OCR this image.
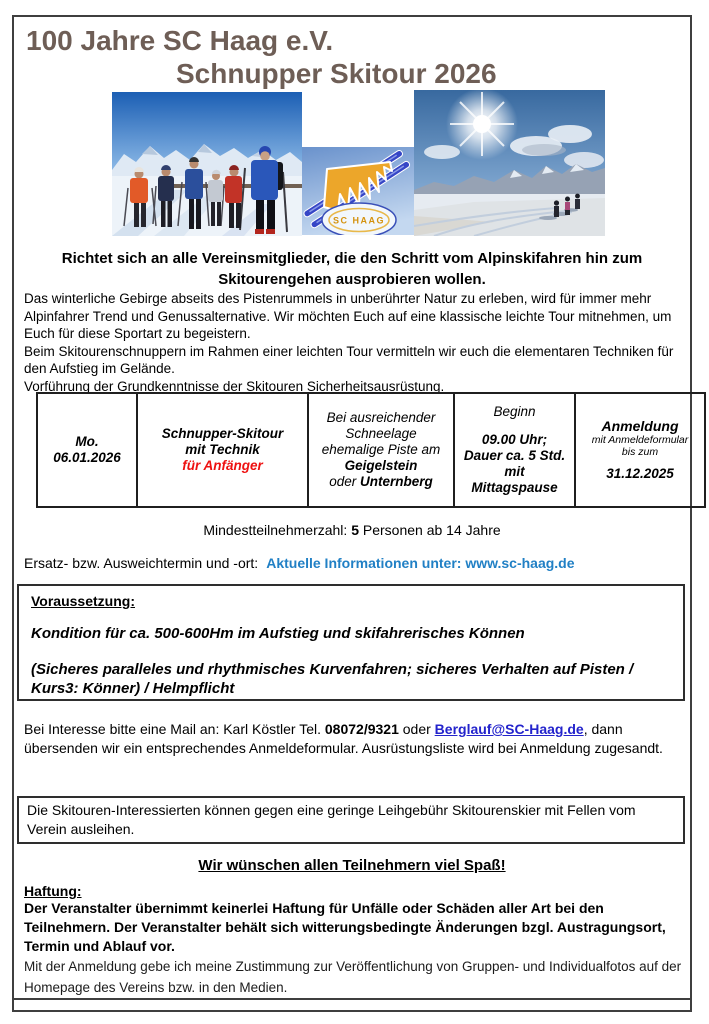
100 Jahre SC Haag e.V.
Schnupper Skitour 2026
SC HAAG
Richtet sich an alle Vereinsmitglieder, die den Schritt vom Alpinskifahren hin zum Skitourengehen ausprobieren wollen.

Das winterliche Gebirge abseits des Pistenrummels in unberührter Natur zu erleben, wird für immer mehr Alpinfahrer Trend und Genussalternative. Wir möchten Euch auf eine klassische leichte Tour mitnehmen, um Euch für diese Sportart zu begeistern.

Beim Skitourenschnuppern im Rahmen einer leichten Tour vermitteln wir euch die elementaren Techniken für den Aufstieg im Gelände.

Vorführung der Grundkenntnisse der Skitouren Sicherheitsausrüstung.

Mo.
06.01.2026

Schnupper-Skitour
mit Technik
für Anfänger

Bei ausreichender
Schneelage
ehemalige Piste am
Geigelstein
oder Unternberg

Beginn
09.00 Uhr;
Dauer ca. 5 Std.
mit
Mittagspause

Anmeldung
mit Anmeldeformular
bis zum
31.12.2025
Mindestteilnehmerzahl: 5 Personen ab 14 Jahre
Ersatz- bzw. Ausweichtermin und -ort: Aktuelle Informationen unter: www.sc-haag.de
Voraussetzung:
Kondition für ca. 500-600Hm im Aufstieg und skifahrerisches Können
(Sicheres paralleles und rhythmisches Kurvenfahren; sicheres Verhalten auf Pisten / Kurs3: Könner) / Helmpflicht
Bei Interesse bitte eine Mail an: Karl Köstler Tel. 08072/9321 oder Berglauf@SC-Haag.de, dann übersenden wir ein entsprechendes Anmeldeformular. Ausrüstungsliste wird bei Anmeldung zugesandt.
Die Skitouren-Interessierten können gegen eine geringe Leihgebühr Skitourenskier mit Fellen vom Verein ausleihen.
Wir wünschen allen Teilnehmern viel Spaß!
Haftung:
Der Veranstalter übernimmt keinerlei Haftung für Unfälle oder Schäden aller Art bei den Teilnehmern. Der Veranstalter behält sich witterungsbedingte Änderungen bzgl. Austragungsort, Termin und Ablauf vor.
Mit der Anmeldung gebe ich meine Zustimmung zur Veröffentlichung von Gruppen- und Individualfotos auf der Homepage des Vereins bzw. in den Medien.
